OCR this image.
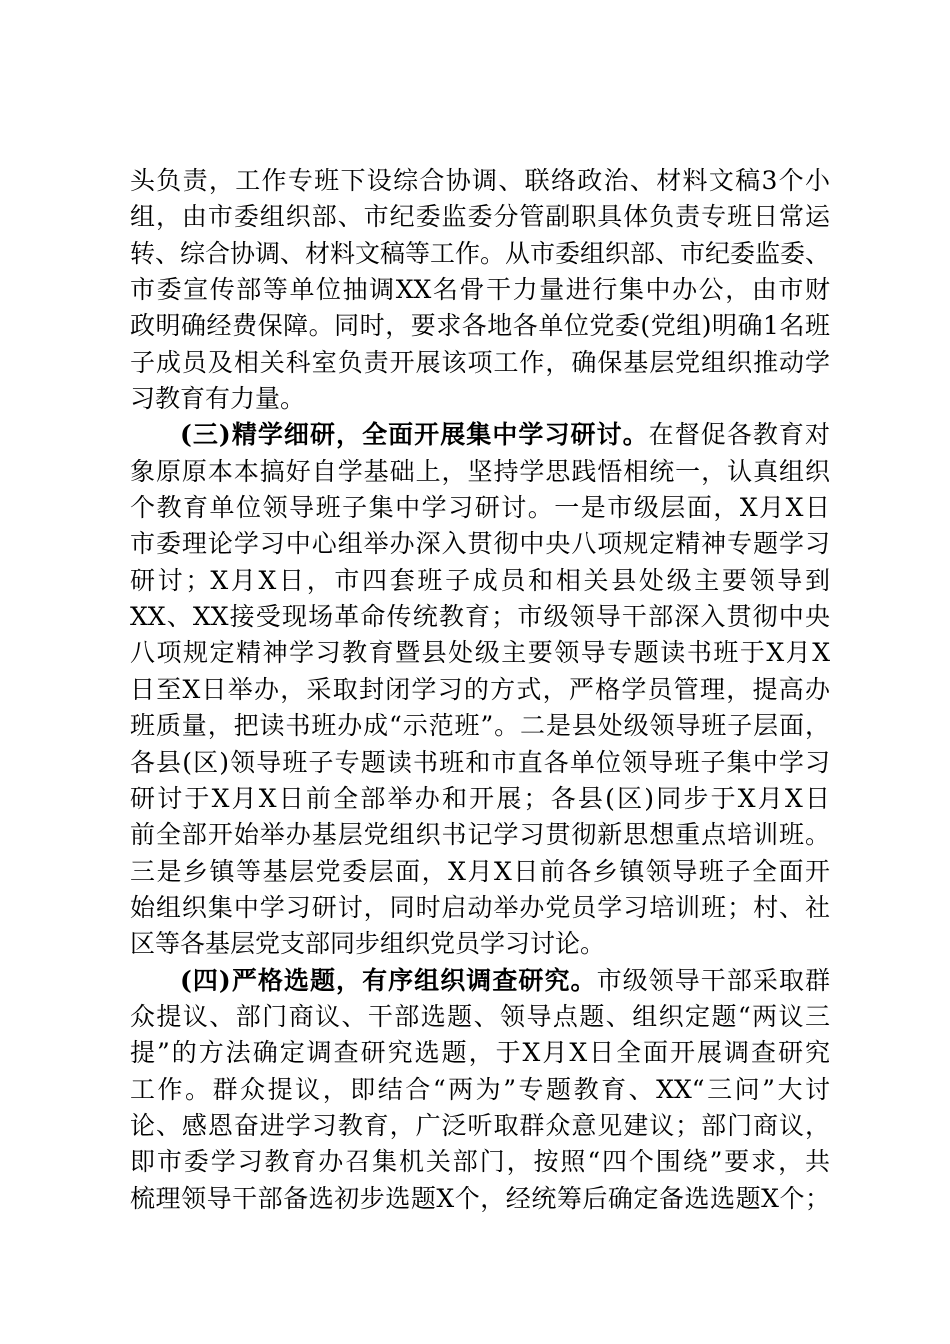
头负责，工作专班下设综合协调、联络政治、材料文稿3个小
组，由市委组织部、市纪委监委分管副职具体负责专班日常运
转、综合协调、材料文稿等工作。从市委组织部、市纪委监委、
市委宣传部等单位抽调XX名骨干力量进行集中办公，由市财
政明确经费保障。同时，要求各地各单位党委(党组)明确1名班
子成员及相关科室负责开展该项工作，确保基层党组织推动学
习教育有力量。
(三)精学细研，全面开展集中学习研讨。在督促各教育对
象原原本本搞好自学基础上，坚持学思践悟相统一，认真组织
个教育单位领导班子集中学习研讨。一是市级层面，X月X日
市委理论学习中心组举办深入贯彻中央八项规定精神专题学习
研讨；X月X日，市四套班子成员和相关县处级主要领导到
XX、XX接受现场革命传统教育；市级领导干部深入贯彻中央
八项规定精神学习教育暨县处级主要领导专题读书班于X月X
日至X日举办，采取封闭学习的方式，严格学员管理，提高办
班质量，把读书班办成“示范班”。二是县处级领导班子层面，
各县(区)领导班子专题读书班和市直各单位领导班子集中学习
研讨于X月X日前全部举办和开展；各县(区)同步于X月X日
前全部开始举办基层党组织书记学习贯彻新思想重点培训班。
三是乡镇等基层党委层面，X月X日前各乡镇领导班子全面开
始组织集中学习研讨，同时启动举办党员学习培训班；村、社
区等各基层党支部同步组织党员学习讨论。
(四)严格选题，有序组织调查研究。市级领导干部采取群
众提议、部门商议、干部选题、领导点题、组织定题“两议三
提”的方法确定调查研究选题，于X月X日全面开展调查研究
工作。群众提议，即结合“两为”专题教育、XX“三问”大讨
论、感恩奋进学习教育，广泛听取群众意见建议；部门商议，
即市委学习教育办召集机关部门，按照“四个围绕”要求，共
梳理领导干部备选初步选题X个，经统筹后确定备选选题X个；
